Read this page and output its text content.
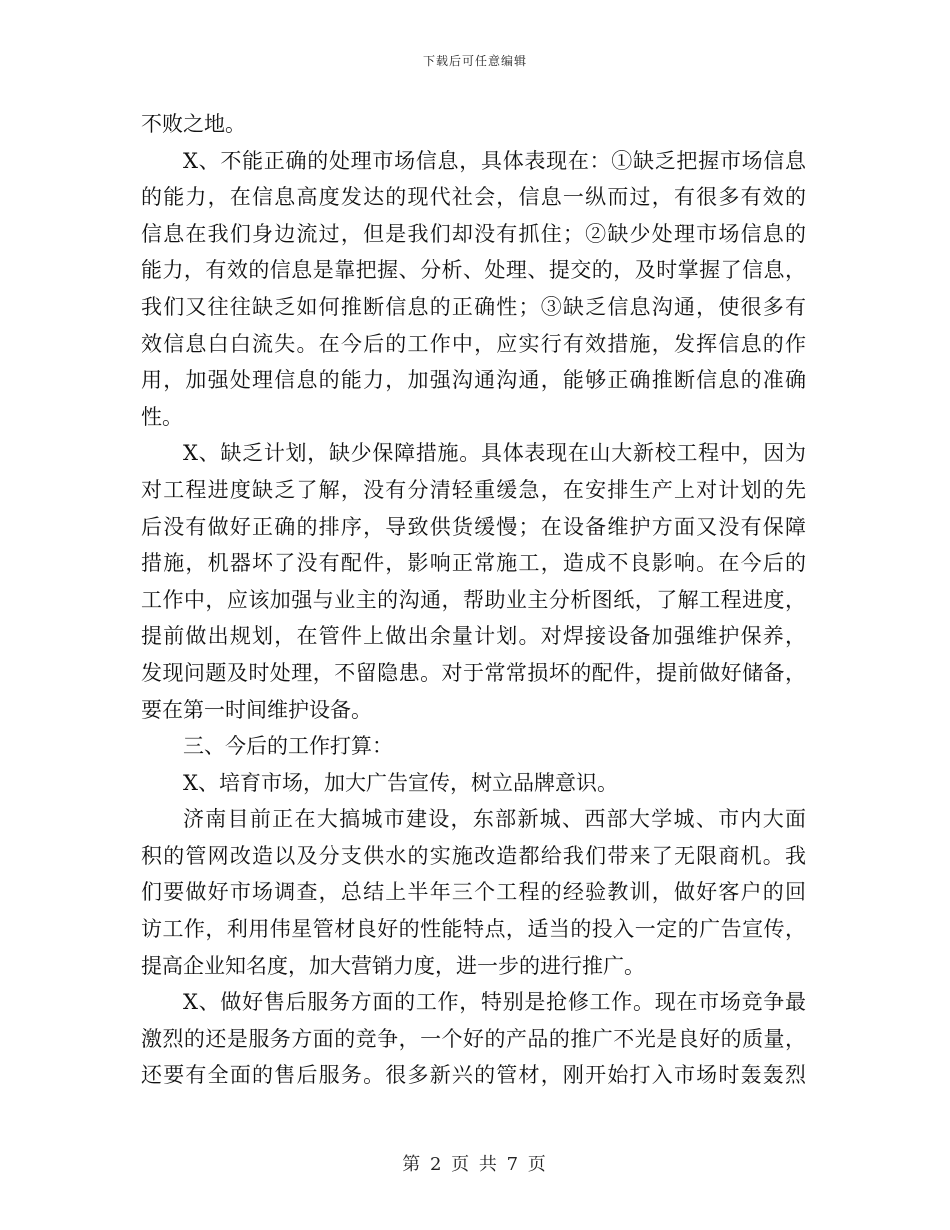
下载后可任意编辑
不败之地。
X、不能正确的处理市场信息，具体表现在：①缺乏把握市场信息
的能力，在信息高度发达的现代社会，信息一纵而过，有很多有效的
信息在我们身边流过，但是我们却没有抓住；②缺少处理市场信息的
能力，有效的信息是靠把握、分析、处理、提交的，及时掌握了信息，
我们又往往缺乏如何推断信息的正确性；③缺乏信息沟通，使很多有
效信息白白流失。在今后的工作中，应实行有效措施，发挥信息的作
用，加强处理信息的能力，加强沟通沟通，能够正确推断信息的准确
性。
X、缺乏计划，缺少保障措施。具体表现在山大新校工程中，因为
对工程进度缺乏了解，没有分清轻重缓急，在安排生产上对计划的先
后没有做好正确的排序，导致供货缓慢；在设备维护方面又没有保障
措施，机器坏了没有配件，影响正常施工，造成不良影响。在今后的
工作中，应该加强与业主的沟通，帮助业主分析图纸，了解工程进度，
提前做出规划，在管件上做出余量计划。对焊接设备加强维护保养，
发现问题及时处理，不留隐患。对于常常损坏的配件，提前做好储备，
要在第一时间维护设备。
三、今后的工作打算：
X、培育市场，加大广告宣传，树立品牌意识。
济南目前正在大搞城市建设，东部新城、西部大学城、市内大面
积的管网改造以及分支供水的实施改造都给我们带来了无限商机。我
们要做好市场调查，总结上半年三个工程的经验教训，做好客户的回
访工作，利用伟星管材良好的性能特点，适当的投入一定的广告宣传，
提高企业知名度，加大营销力度，进一步的进行推广。
X、做好售后服务方面的工作，特别是抢修工作。现在市场竞争最
激烈的还是服务方面的竞争，一个好的产品的推广不光是良好的质量，
还要有全面的售后服务。很多新兴的管材，刚开始打入市场时轰轰烈
第 2 页 共 7 页
